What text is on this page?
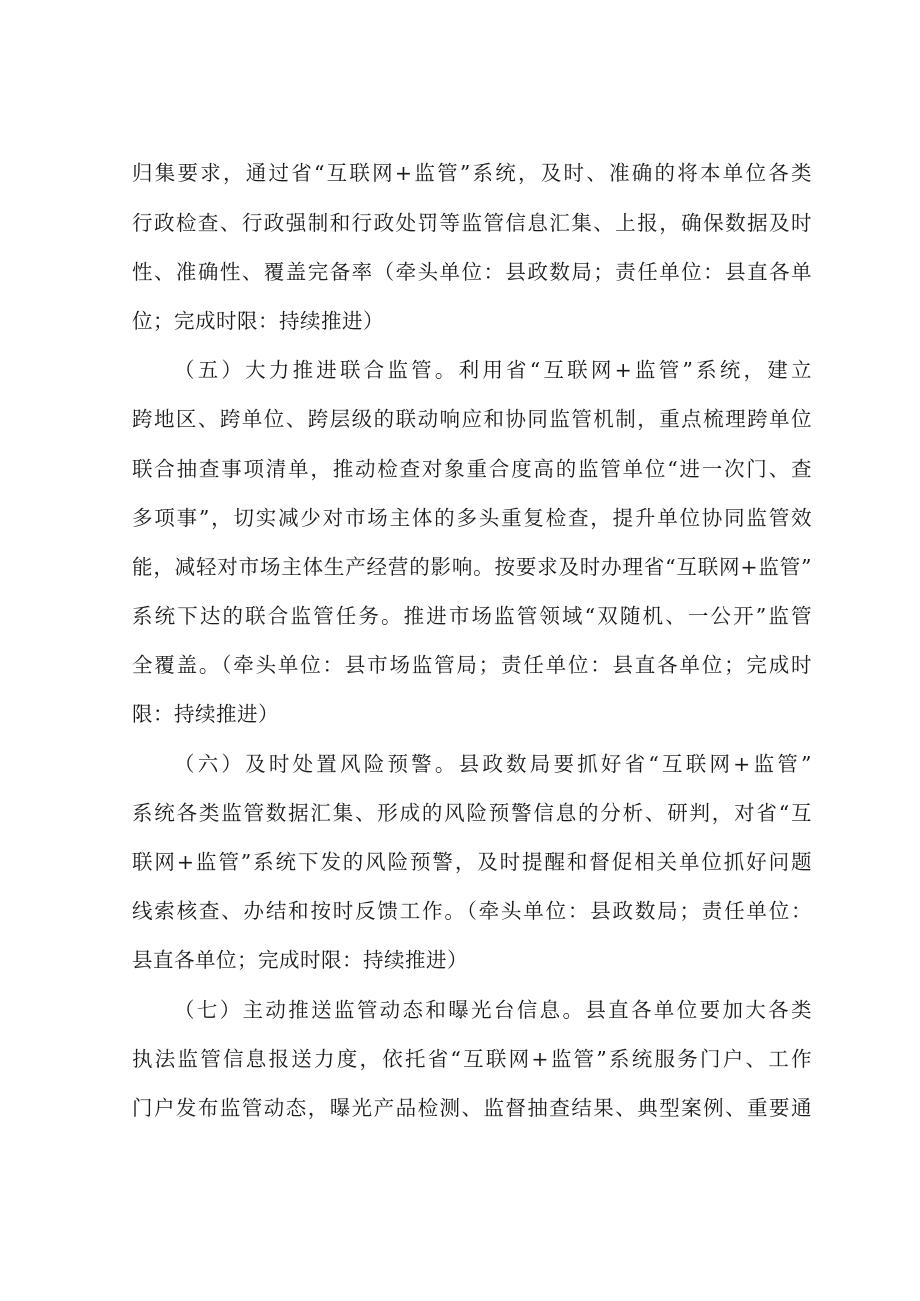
归集要求，通过省“互联网+监管”系统，及时、准确的将本单位各类
行政检查、行政强制和行政处罚等监管信息汇集、上报，确保数据及时
性、准确性、覆盖完备率（牵头单位：县政数局；责任单位：县直各单
位；完成时限：持续推进）
（五）大力推进联合监管。利用省“互联网+监管”系统，建立
跨地区、跨单位、跨层级的联动响应和协同监管机制，重点梳理跨单位
联合抽查事项清单，推动检查对象重合度高的监管单位“进一次门、查
多项事”，切实减少对市场主体的多头重复检查，提升单位协同监管效
能，减轻对市场主体生产经营的影响。按要求及时办理省“互联网+监管”
系统下达的联合监管任务。推进市场监管领域“双随机、一公开”监管
全覆盖。（牵头单位：县市场监管局；责任单位：县直各单位；完成时
限：持续推进）
（六）及时处置风险预警。县政数局要抓好省“互联网+监管”
系统各类监管数据汇集、形成的风险预警信息的分析、研判，对省“互
联网+监管”系统下发的风险预警，及时提醒和督促相关单位抓好问题
线索核查、办结和按时反馈工作。（牵头单位：县政数局；责任单位：
县直各单位；完成时限：持续推进）
（七）主动推送监管动态和曝光台信息。县直各单位要加大各类
执法监管信息报送力度，依托省“互联网+监管”系统服务门户、工作
门户发布监管动态，曝光产品检测、监督抽查结果、典型案例、重要通
